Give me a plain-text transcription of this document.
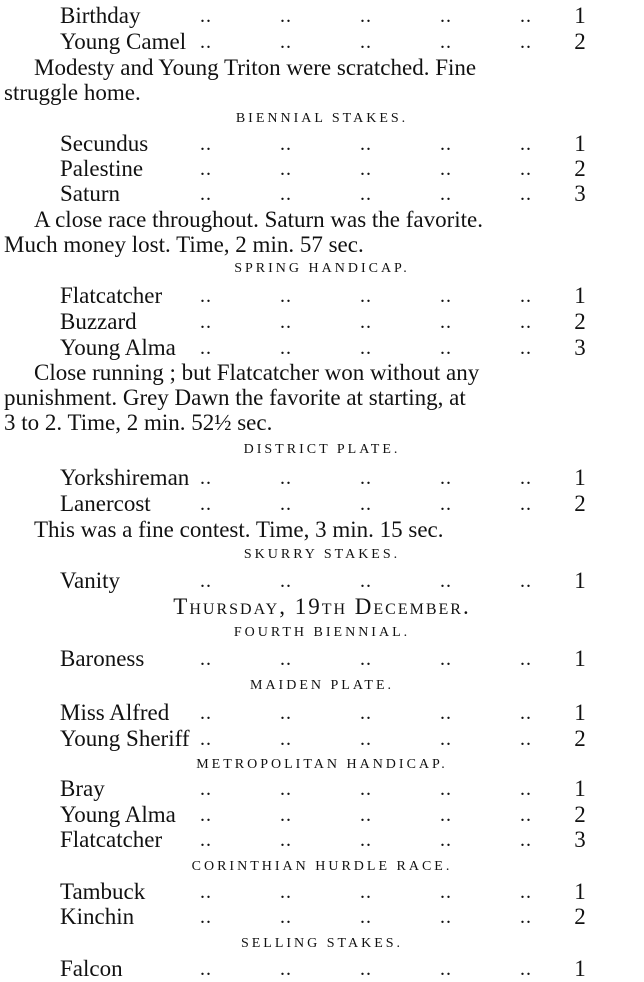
Birthday	..	..	..	..	.. 1
Young Camel ..	..	..	..	.. 2
Modesty and Young Triton were scratched. Fine
struggle home.
BIENNIAL STAKES.
Secundus	..	..	..	..	.. 1
Palestine	..	..	..	..	.. 2
Saturn	..	..	..	..	.. 3
A close race throughout. Saturn was the favorite.
Much money lost. Time, 2 min. 57 sec.
SPRING HANDICAP.
Flatcatcher ..	..	..	..	.. 1
Buzzard	..	..	..	..	.. 2
Young Alma ..	..	..	..	.. 3
Close running ; but Flatcatcher won without any
punishment. Grey Dawn the favorite at starting, at
3 to 2. Time, 2 min. 52½ sec.
DISTRICT PLATE.
Yorkshireman ..	..	..	..	.. 1
Lanercost ..	..	..	..	.. 2
This was a fine contest. Time, 3 min. 15 sec.
SKURRY STAKES.
Vanity	..	..	..	..	.. 1
Thursday, 19th December.
FOURTH BIENNIAL.
Baroness	..	..	..	..	.. 1
MAIDEN PLATE.
Miss Alfred ..	..	..	..	.. 1
Young Sheriff ..	..	..	..	.. 2
METROPOLITAN HANDICAP.
Bray	..	..	..	..	.. 1
Young Alma ..	..	..	..	.. 2
Flatcatcher ..	..	..	..	.. 3
CORINTHIAN HURDLE RACE.
Tambuck	..	..	..	..	.. 1
Kinchin	..	..	..	..	.. 2
SELLING STAKES.
Falcon	..	..	..	..	.. 1
